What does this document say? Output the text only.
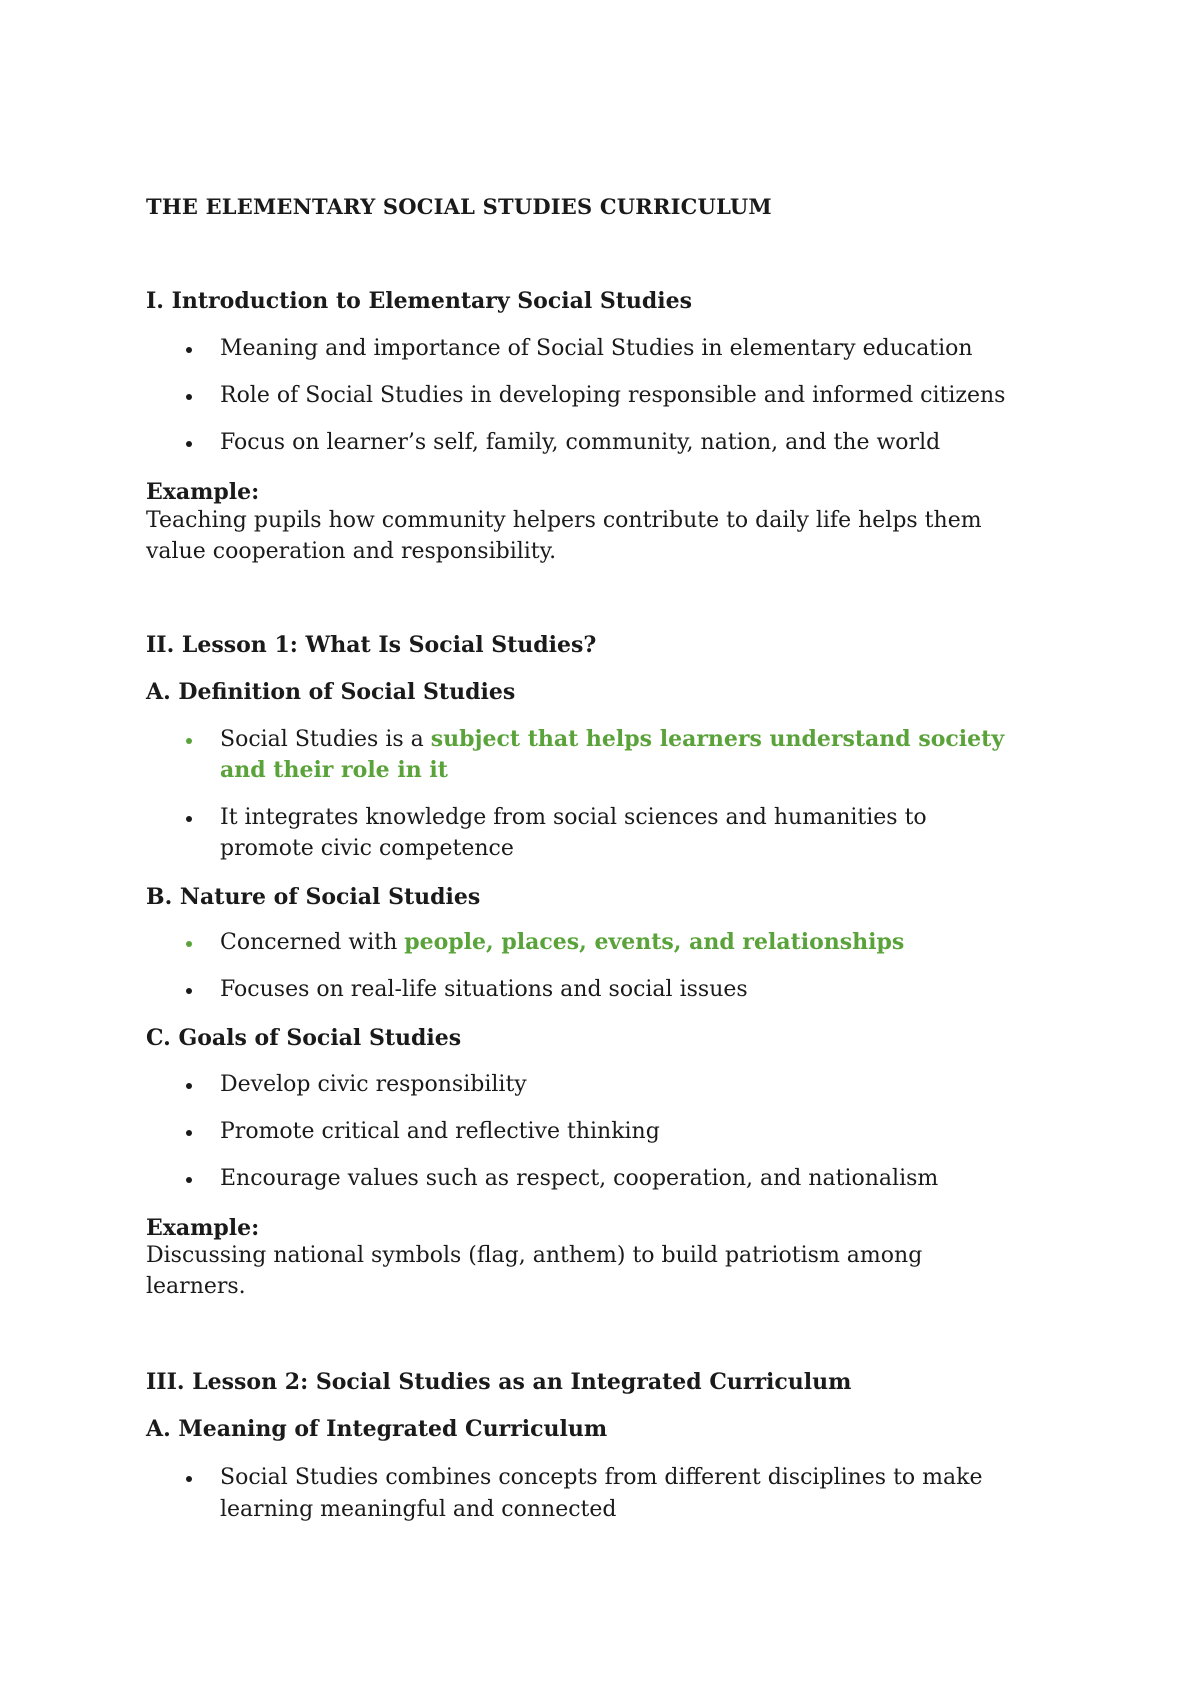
THE ELEMENTARY SOCIAL STUDIES CURRICULUM

I. Introduction to Elementary Social Studies

Meaning and importance of Social Studies in elementary education

Role of Social Studies in developing responsible and informed citizens

Focus on learner’s self, family, community, nation, and the world

Example:

Teaching pupils how community helpers contribute to daily life helps them

value cooperation and responsibility.

II. Lesson 1: What Is Social Studies?

A. Definition of Social Studies

Social Studies is a subject that helps learners understand society

and their role in it

It integrates knowledge from social sciences and humanities to

promote civic competence

B. Nature of Social Studies

Concerned with people, places, events, and relationships

Focuses on real-life situations and social issues

C. Goals of Social Studies

Develop civic responsibility

Promote critical and reflective thinking

Encourage values such as respect, cooperation, and nationalism

Example:

Discussing national symbols (flag, anthem) to build patriotism among

learners.

III. Lesson 2: Social Studies as an Integrated Curriculum

A. Meaning of Integrated Curriculum

Social Studies combines concepts from different disciplines to make

learning meaningful and connected
